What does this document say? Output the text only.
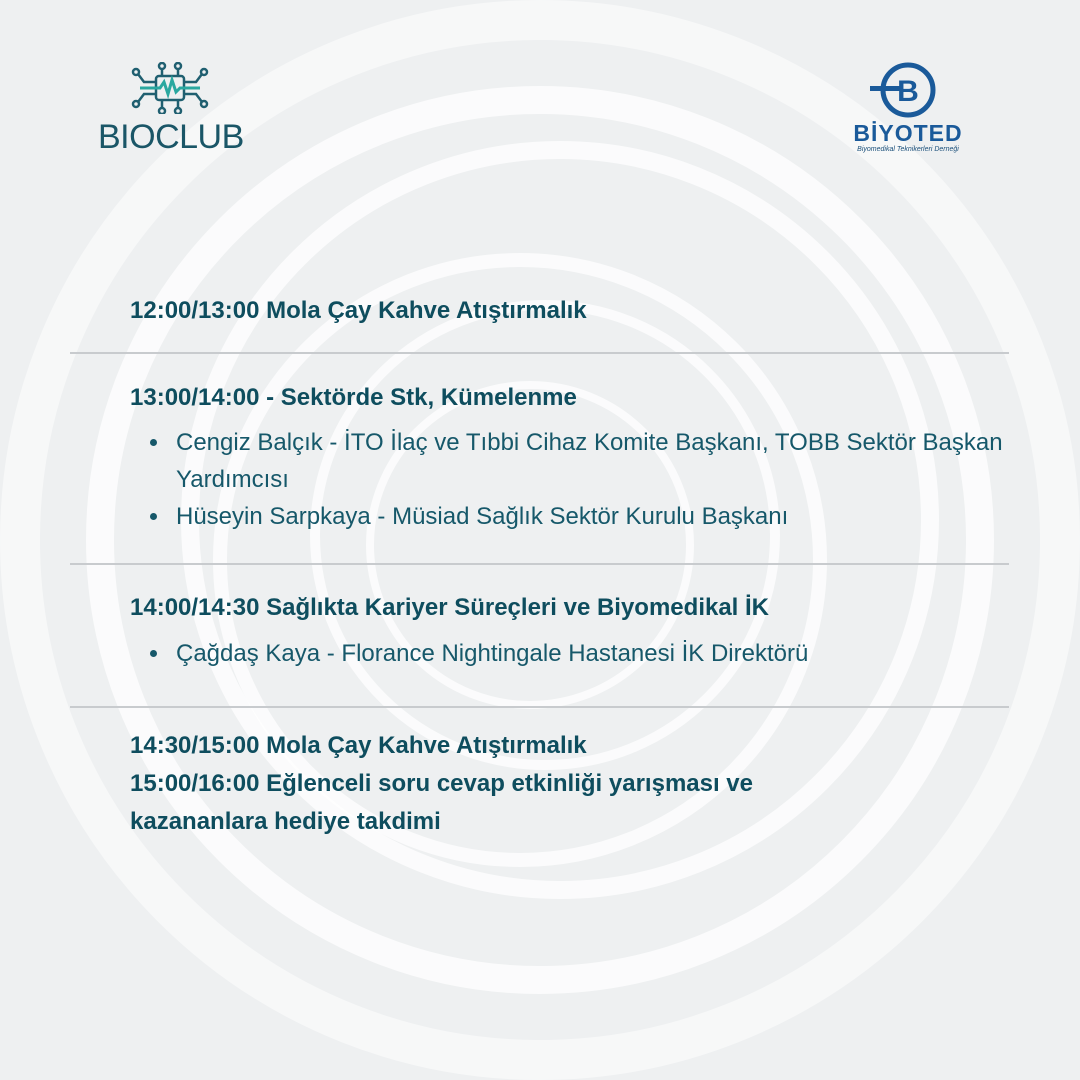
BIOCLUB
B
BİYOTED
Biyomedikal Teknikerleri Derneği
12:00/13:00 Mola Çay Kahve Atıştırmalık
13:00/14:00 - Sektörde Stk, Kümelenme
Cengiz Balçık - İTO İlaç ve Tıbbi Cihaz Komite Başkanı, TOBB Sektör Başkan Yardımcısı
Hüseyin Sarpkaya - Müsiad Sağlık Sektör Kurulu Başkanı
14:00/14:30 Sağlıkta Kariyer Süreçleri ve Biyomedikal İK
Çağdaş Kaya - Florance Nightingale Hastanesi İK Direktörü
14:30/15:00 Mola Çay Kahve Atıştırmalık
15:00/16:00 Eğlenceli soru cevap etkinliği yarışması ve
kazananlara hediye takdimi
